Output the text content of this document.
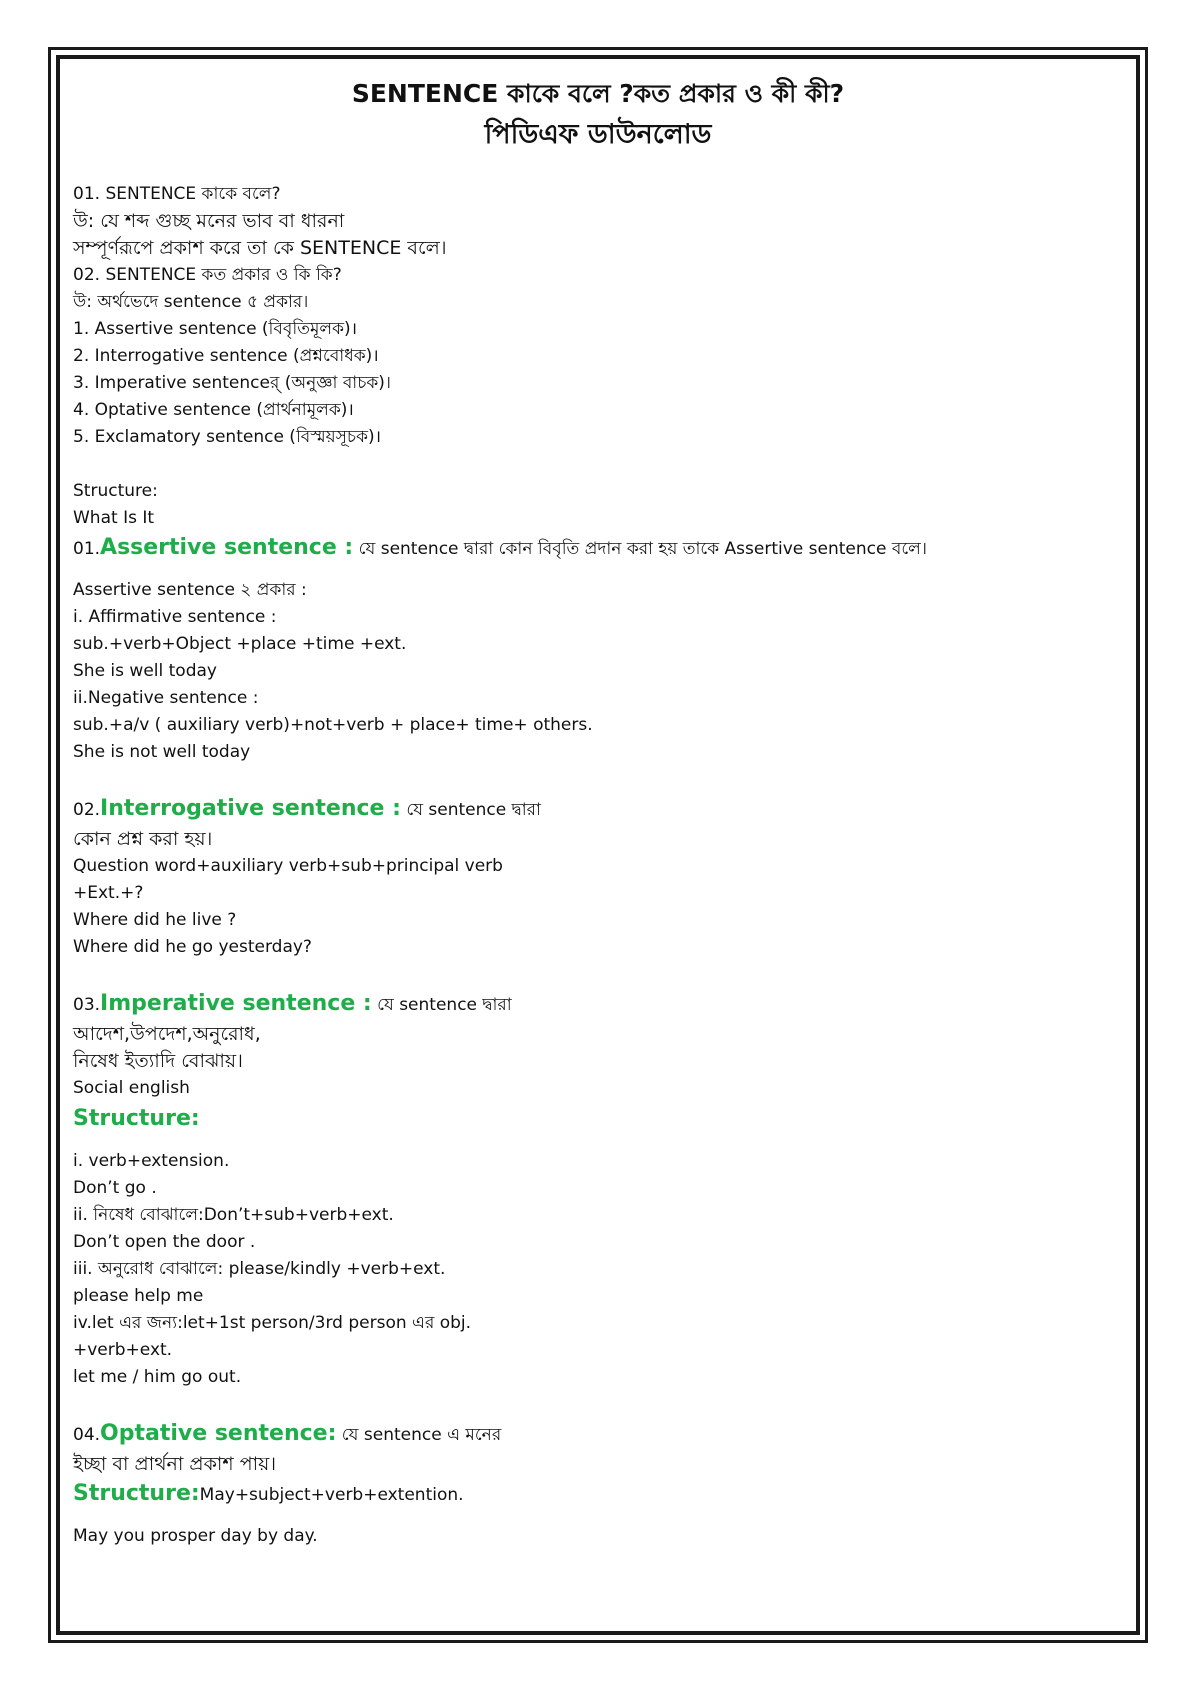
SENTENCE কাকে বলে ?কত প্রকার ও কী কী?

পিডিএফ ডাউনলোড

01. SENTENCE কাকে বলে?

উ: যে শব্দ গুচ্ছ মনের ভাব বা ধারনা

সম্পূর্ণরূপে প্রকাশ করে তা কে SENTENCE বলে।

02. SENTENCE কত প্রকার ও কি কি?

উ: অর্থভেদে sentence ৫ প্রকার।

1. Assertive sentence (বিবৃতিমূলক)।

2. Interrogative sentence (প্রশ্নবোধক)।

3. Imperative sentenceর্ (অনুজ্ঞা বাচক)।

4. Optative sentence (প্রার্থনামূলক)।

5. Exclamatory sentence (বিস্ময়সূচক)।

Structure:

What Is It

01.Assertive sentence : যে sentence দ্বারা কোন বিবৃতি প্রদান করা হয় তাকে Assertive sentence বলে।

Assertive sentence ২ প্রকার :

i. Affirmative sentence :

sub.+verb+Object +place +time +ext.

She is well today

ii.Negative sentence :

sub.+a/v ( auxiliary verb)+not+verb + place+ time+ others.

She is not well today

02.Interrogative sentence : যে sentence দ্বারা

কোন প্রশ্ন করা হয়।

Question word+auxiliary verb+sub+principal verb

+Ext.+?

Where did he live ?

Where did he go yesterday?

03.Imperative sentence : যে sentence দ্বারা

আদেশ,উপদেশ,অনুরোধ,

নিষেধ ইত্যাদি বোঝায়।

Social english

Structure:

i. verb+extension.

Don’t go .

ii. নিষেধ বোঝালে:Don’t+sub+verb+ext.

Don’t open the door .

iii. অনুরোধ বোঝালে: please/kindly +verb+ext.

please help me

iv.let এর জন্য:let+1st person/3rd person এর obj.

+verb+ext.

let me / him go out.

04.Optative sentence: যে sentence এ মনের

ইচ্ছা বা প্রার্থনা প্রকাশ পায়।

Structure:May+subject+verb+extention.

May you prosper day by day.
